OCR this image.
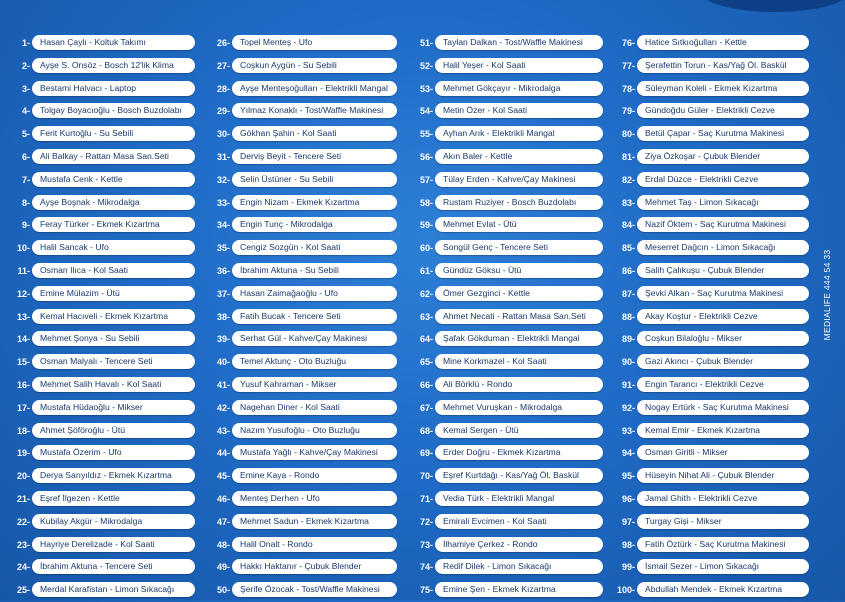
1-	Hasan Çaylı - Koltuk Takımı
2-	Ayşe S. Onsöz - Bosch 12'lik Klima
3-	Bestami Halvacı - Laptop
4-	Tolgay Boyacıoğlu - Bosch Buzdolabı
5-	Ferit Kurtoğlu - Su Sebili
6-	Ali Balkay - Rattan Masa San.Seti
7-	Mustafa Cenk - Kettle
8-	Ayşe Boşnak - Mikrodalga
9-	Feray Türker - Ekmek Kızartma
10-	Halil Sancak - Ufo
11-	Osman Ilıca - Kol Saati
12-	Emine Mülazim - Ütü
13-	Kemal Hacıveli - Ekmek Kızartma
14-	Mehmet Şonya - Su Sebili
15-	Osman Malyalı - Tencere Seti
16-	Mehmet Salih Havalı - Kol Saati
17-	Mustafa Hüdaoğlu - Mikser
18-	Ahmet Şöföroğlu - Ütü
19-	Mustafa Özerim - Ufo
20-	Derya Sarıyıldız - Ekmek Kızartma
21-	Eşref İlgezen - Kettle
22-	Kubilay Akgür - Mikrodalga
23-	Hayriye Derelizade - Kol Saati
24-	İbrahim Aktuna - Tencere Seti
25-	Merdal Karafistan - Limon Sıkacağı
26-	Topel Menteş - Ufo
27-	Coşkun Aygün - Su Sebili
28-	Ayşe Menteşoğulları - Elektrikli Mangal
29-	Yılmaz Konaklı - Tost/Waffle Makinesi
30-	Gökhan Şahin - Kol Saati
31-	Derviş Beyit - Tencere Seti
32-	Selin Üstüner - Su Sebili
33-	Engin Nizam - Ekmek Kızartma
34-	Engin Tunç - Mikrodalga
35-	Cengiz Sozgün - Kol Saati
36-	İbrahim Aktuna - Su Sebili
37-	Hasan Zaimağaoğlu - Ufo
38-	Fatih Bucak - Tencere Seti
39-	Serhat Gül - Kahve/Çay Makinesi
40-	Temel Aktunç - Oto Buzluğu
41-	Yusuf Kahraman - Mikser
42-	Nagehan Diner - Kol Saati
43-	Nazım Yusufoğlu - Oto Buzluğu
44-	Mustafa Yağlı - Kahve/Çay Makinesi
45-	Emine Kaya - Rondo
46-	Menteş Derhen - Ufo
47-	Mehmet Sadun - Ekmek Kızartma
48-	Halil Onalt - Rondo
49-	Hakkı Haktanır - Çubuk Blender
50-	Şerife Özocak - Tost/Waffle Makinesi
51-	Taylan Dalkan - Tost/Waffle Makinesi
52-	Halil Yeşer - Kol Saati
53-	Mehmet Gökçayır - Mikrodalga
54-	Metin Özer - Kol Saati
55-	Ayhan Arık - Elektrikli Mangal
56-	Akın Baler - Kettle
57-	Tülay Erden - Kahve/Çay Makinesi
58-	Rustam Ruziyer - Bosch Buzdolabı
59-	Mehmet Evlat - Ütü
60-	Songül Genç - Tencere Seti
61-	Gündüz Göksu - Ütü
62-	Ömer Gezginci - Kettle
63-	Ahmet Necati - Rattan Masa San.Seti
64-	Şafak Gökduman - Elektrikli Mangal
65-	Mine Korkmazel - Kol Saati
66-	Ali Börklü - Rondo
67-	Mehmet Vuruşkan - Mikrodalga
68-	Kemal Sergen - Ütü
69-	Erder Doğru - Ekmek Kızartma
70-	Eşref Kurtdağı - Kas/Yağ Öl. Baskül
71-	Vedia Türk - Elektrikli Mangal
72-	Emirali Evcimen - Kol Saati
73-	İlhamiye Çerkez - Rondo
74-	Redif Dilek - Limon Sıkacağı
75-	Emine Şen - Ekmek Kızartma
76-	Hatice Sıtkıoğulları - Kettle
77-	Şerafettin Torun - Kas/Yağ Öl. Baskül
78-	Süleyman Koleli - Ekmek Kızartma
79-	Gündoğdu Güler - Elektrikli Cezve
80-	Betül Çapar - Saç Kurutma Makinesi
81-	Ziya Özkoşar - Çubuk Blender
82-	Erdal Düzce - Elektrikli Cezve
83-	Mehmet Taş - Limon Sıkacağı
84-	Nazif Öktem - Saç Kurutma Makinesi
85-	Meserret Dağcın - Limon Sıkacağı
86-	Salih Çalıkuşu - Çubuk Blender
87-	Şevki Alkan - Saç Kurutma Makinesi
88-	Akay Koştur - Elektrikli Cezve
89-	Coşkun Bilaloğlu - Mikser
90-	Gazi Akıncı - Çubuk Blender
91-	Engin Tarancı - Elektrikli Cezve
92-	Nogay Ertürk - Saç Kurutma Makinesi
93-	Kemal Emir - Ekmek Kızartma
94-	Osman Giritli - Mikser
95-	Hüseyin Nihat Ali - Çubuk Blender
96-	Jamal Ghith - Elektrikli Cezve
97-	Turgay Gişi - Mikser
98-	Fatih Öztürk - Saç Kurutma Makinesi
99-	İsmail Sezer - Limon Sıkacağı
100-	Abdullah Mendek - Ekmek Kızartma
MEDIALIFE 444 54 33
